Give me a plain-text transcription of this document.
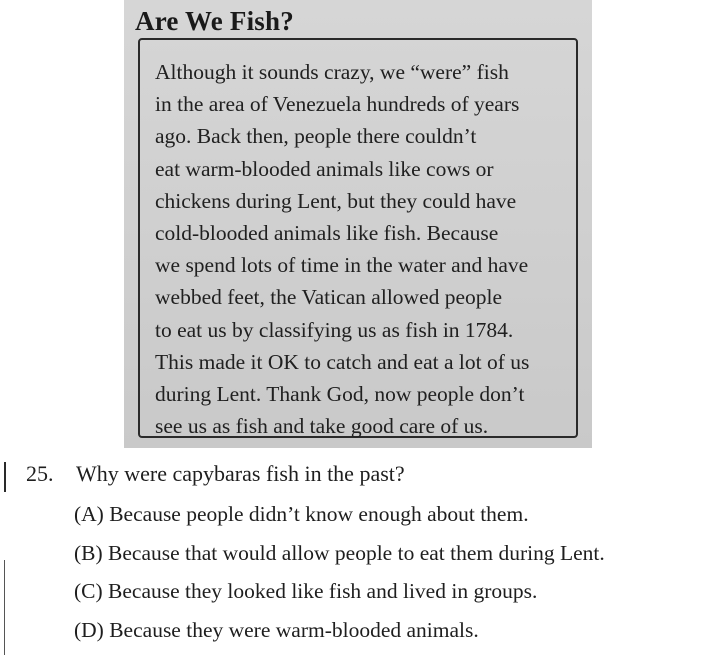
Are We Fish?
Although it sounds crazy, we “were” fish
in the area of Venezuela hundreds of years
ago. Back then, people there couldn’t
eat warm-blooded animals like cows or
chickens during Lent, but they could have
cold-blooded animals like fish. Because
we spend lots of time in the water and have
webbed feet, the Vatican allowed people
to eat us by classifying us as fish in 1784.
This made it OK to catch and eat a lot of us
during Lent. Thank God, now people don’t
see us as fish and take good care of us.
25. Why were capybaras fish in the past?
(A) Because people didn’t know enough about them.
(B) Because that would allow people to eat them during Lent.
(C) Because they looked like fish and lived in groups.
(D) Because they were warm-blooded animals.
